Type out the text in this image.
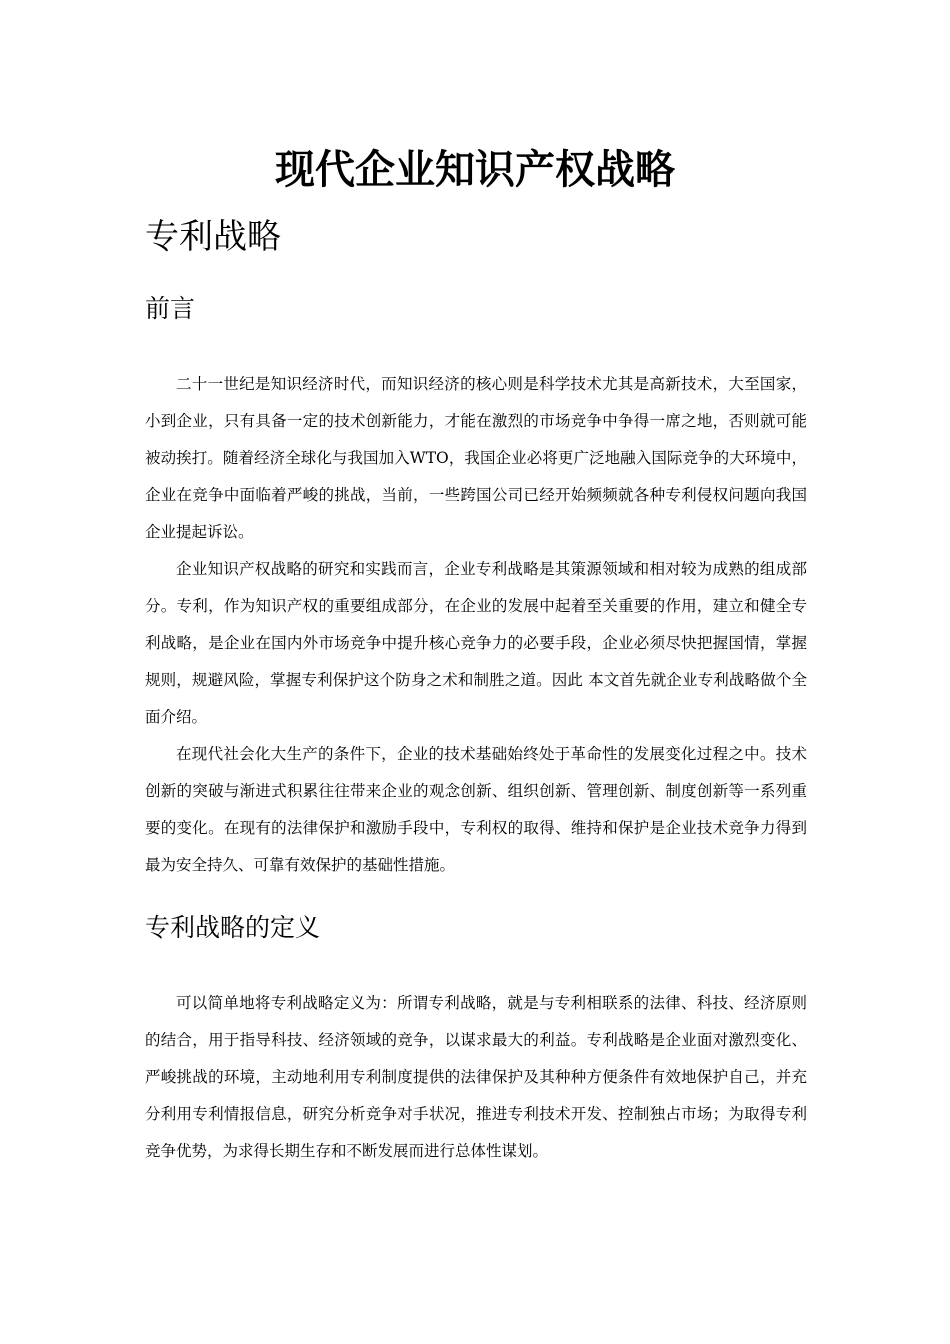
现代企业知识产权战略
专利战略
前言

二十一世纪是知识经济时代，而知识经济的核心则是科学技术尤其是高新技术，大至国家，小到企业，只有具备一定的技术创新能力，才能在激烈的市场竞争中争得一席之地，否则就可能被动挨打。随着经济全球化与我国加入WTO，我国企业必将更广泛地融入国际竞争的大环境中，企业在竞争中面临着严峻的挑战，当前，一些跨国公司已经开始频频就各种专利侵权问题向我国企业提起诉讼。

企业知识产权战略的研究和实践而言，企业专利战略是其策源领域和相对较为成熟的组成部分。专利，作为知识产权的重要组成部分，在企业的发展中起着至关重要的作用，建立和健全专利战略，是企业在国内外市场竞争中提升核心竞争力的必要手段，企业必须尽快把握国情，掌握规则，规避风险，掌握专利保护这个防身之术和制胜之道。因此 本文首先就企业专利战略做个全面介绍。

在现代社会化大生产的条件下，企业的技术基础始终处于革命性的发展变化过程之中。技术创新的突破与渐进式积累往往带来企业的观念创新、组织创新、管理创新、制度创新等一系列重要的变化。在现有的法律保护和激励手段中，专利权的取得、维持和保护是企业技术竞争力得到最为安全持久、可靠有效保护的基础性措施。

专利战略的定义

可以简单地将专利战略定义为：所谓专利战略，就是与专利相联系的法律、科技、经济原则的结合，用于指导科技、经济领域的竞争，以谋求最大的利益。专利战略是企业面对激烈变化、严峻挑战的环境，主动地利用专利制度提供的法律保护及其种种方便条件有效地保护自己，并充分利用专利情报信息，研究分析竞争对手状况，推进专利技术开发、控制独占市场；为取得专利竞争优势，为求得长期生存和不断发展而进行总体性谋划。
